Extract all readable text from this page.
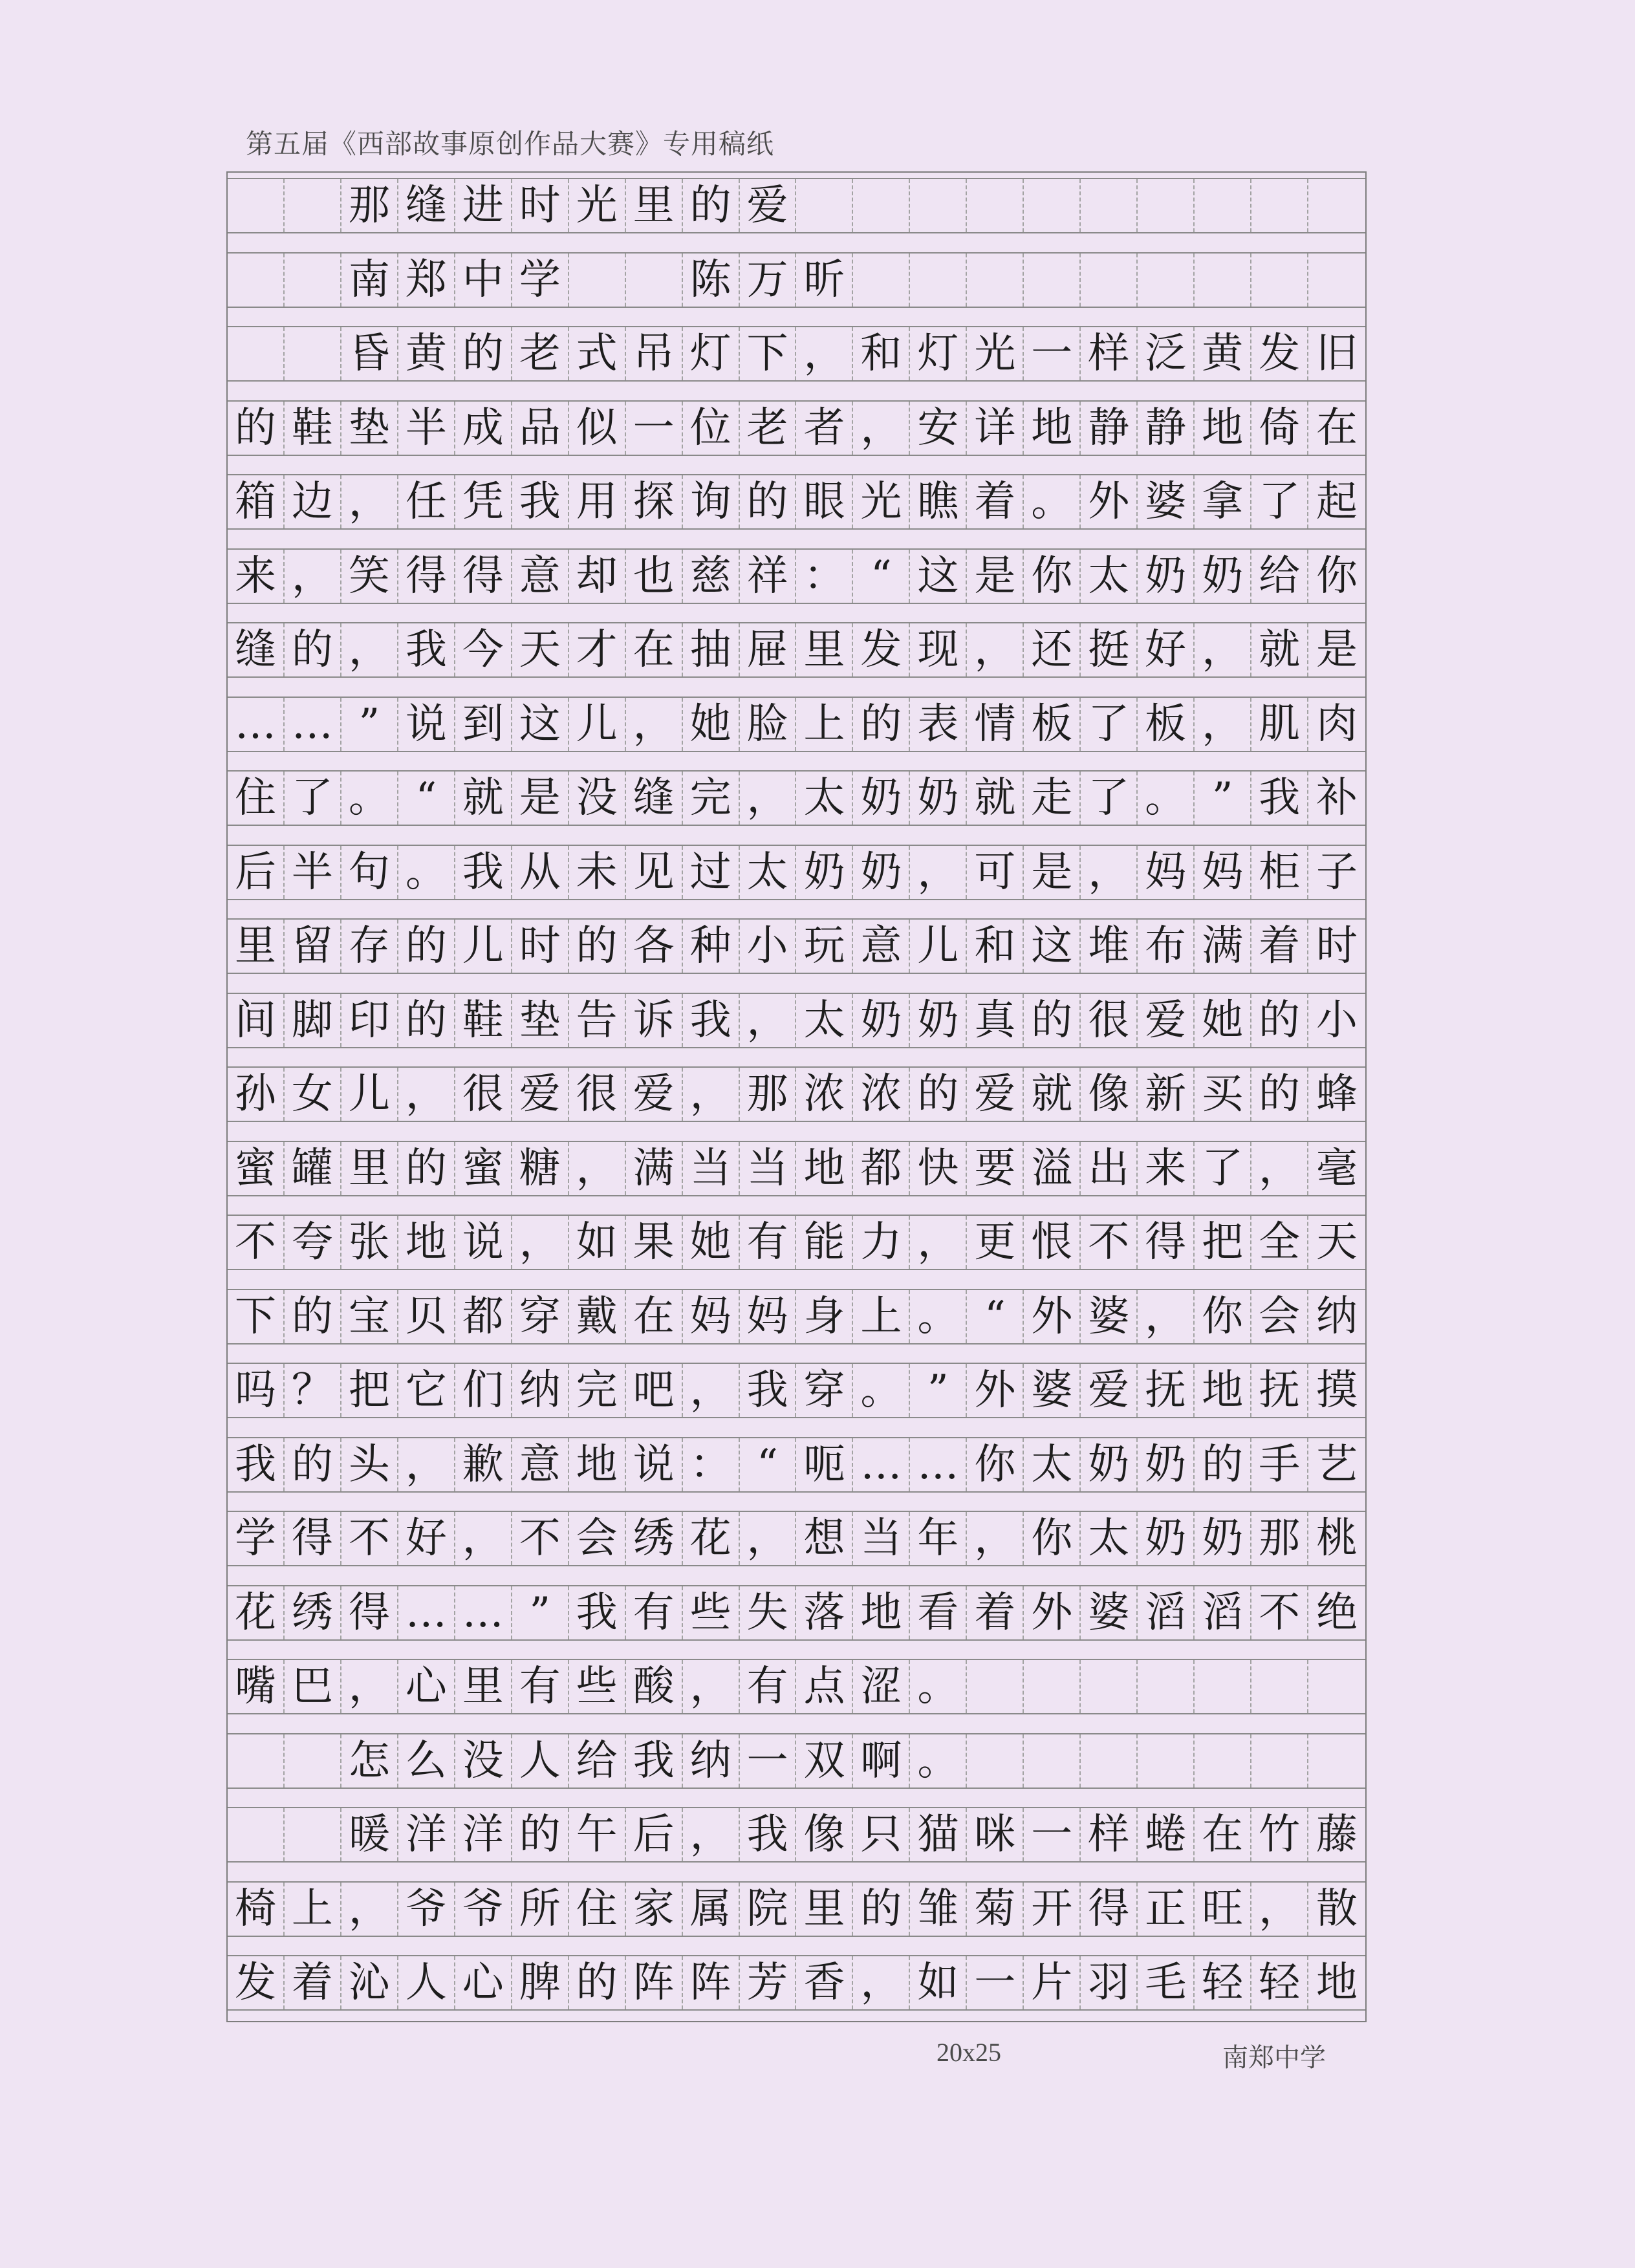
第五届《西部故事原创作品大赛》专用稿纸

那 缝 进 时 光 里 的 爱

南 郑 中 学

　	陈 万 昕

昏 黄 的 老 式 吊 灯 下 ， 和 灯 光 一 样 泛 黄 发 旧
的 鞋 垫 半 成 品 似 一 位 老 者 ， 安 详 地 静 静 地 倚 在
箱 边 ， 任 凭 我 用 探 询 的 眼 光 瞧 着 。 外 婆 拿 了 起
来 ， 笑 得 得 意 却 也 慈 祥 ： “ 这 是 你 太 奶 奶 给 你
缝 的 ， 我 今 天 才 在 抽 屉 里 发 现 ， 还 挺 好 ， 就 是
… … ” 说 到 这 儿 ， 她 脸 上 的 表 情 板 了 板 ， 肌 肉
住 了 。 “ 就 是 没 缝 完 ， 太 奶 奶 就 走 了 。 ” 我 补
后 半 句 。 我 从 未 见 过 太 奶 奶 ， 可 是 ， 妈 妈 柜 子
里 留 存 的 儿 时 的 各 种 小 玩 意 儿 和 这 堆 布 满 着 时
间 脚 印 的 鞋 垫 告 诉 我 ， 太 奶 奶 真 的 很 爱 她 的 小
孙 女 儿 ， 很 爱 很 爱 ， 那 浓 浓 的 爱 就 像 新 买 的 蜂
蜜 罐 里 的 蜜 糖 ， 满 当 当 地 都 快 要 溢 出 来 了 ， 毫
不 夸 张 地 说 ， 如 果 她 有 能 力 ， 更 恨 不 得 把 全 天
下 的 宝 贝 都 穿 戴 在 妈 妈 身 上 。 “ 外 婆 ， 你 会 纳
吗 ？ 把 它 们 纳 完 吧 ， 我 穿 。 ” 外 婆 爱 抚 地 抚 摸
我 的 头 ， 歉 意 地 说 ： “ 呃 … … 你 太 奶 奶 的 手 艺
学 得 不 好 ， 不 会 绣 花 ， 想 当 年 ， 你 太 奶 奶 那 桃
花 绣 得 … … ” 我 有 些 失 落 地 看 着 外 婆 滔 滔 不 绝
嘴 巴 ， 心 里 有 些 酸 ， 有 点 涩 。

怎 么 没 人 给 我 纳 一 双 啊 。

暖 洋 洋 的 午 后 ， 我 像 只 猫 咪 一 样 蜷 在 竹 藤
椅 上 ， 爷 爷 所 住 家 属 院 里 的 雏 菊 开 得 正 旺 ， 散
发 着 沁 人 心 脾 的 阵 阵 芳 香 ， 如 一 片 羽 毛 轻 轻 地
20x25	南郑中学
